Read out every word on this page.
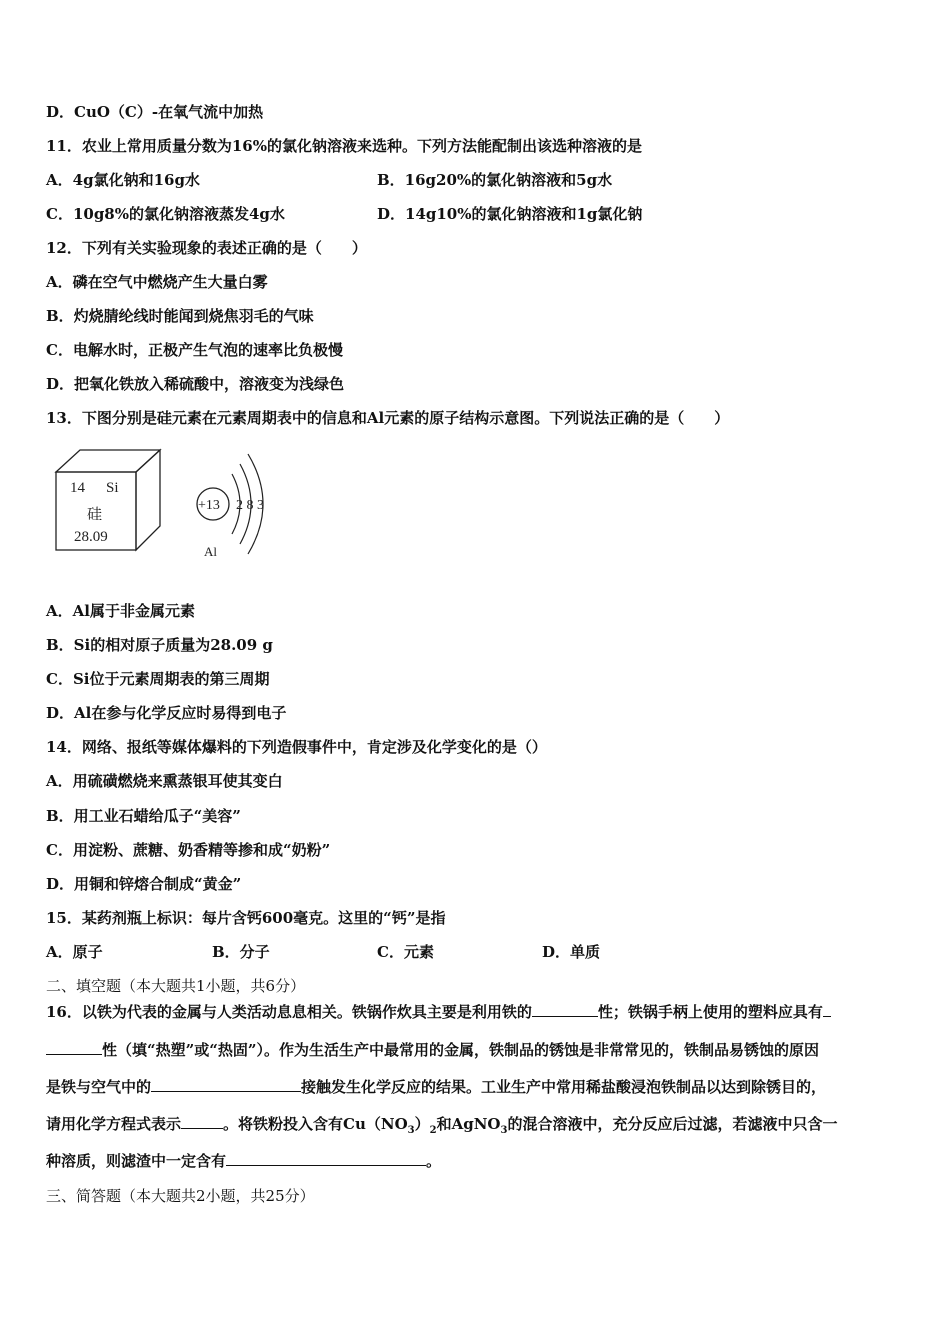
D．CuO（C）-在氧气流中加热
11．农业上常用质量分数为16%的氯化钠溶液来选种。下列方法能配制出该选种溶液的是
A．4g氯化钠和16g水	B．16g20%的氯化钠溶液和5g水
C．10g8%的氯化钠溶液蒸发4g水	D．14g10%的氯化钠溶液和1g氯化钠
12．下列有关实验现象的表述正确的是（　　）
A．磷在空气中燃烧产生大量白雾
B．灼烧腈纶线时能闻到烧焦羽毛的气味
C．电解水时，正极产生气泡的速率比负极慢
D．把氧化铁放入稀硫酸中，溶液变为浅绿色
13．下图分别是硅元素在元素周期表中的信息和Al元素的原子结构示意图。下列说法正确的是（　　）
14 Si
硅
28.09
+13 2 8 3
Al
A．Al属于非金属元素
B．Si的相对原子质量为28.09 g
C．Si位于元素周期表的第三周期
D．Al在参与化学反应时易得到电子
14．网络、报纸等媒体爆料的下列造假事件中，肯定涉及化学变化的是（）
A．用硫磺燃烧来熏蒸银耳使其变白
B．用工业石蜡给瓜子“美容”
C．用淀粉、蔗糖、奶香精等掺和成“奶粉”
D．用铜和锌熔合制成“黄金”
15．某药剂瓶上标识：每片含钙600毫克。这里的“钙”是指
A．原子	B．分子	C．元素	D．单质
二、填空题（本大题共1小题，共6分）
16．以铁为代表的金属与人类活动息息相关。铁锅作炊具主要是利用铁的	性；铁锅手柄上使用的塑料应具有
性（填“热塑”或“热固”）。作为生活生产中最常用的金属，铁制品的锈蚀是非常常见的，铁制品易锈蚀的原因
是铁与空气中的	接触发生化学反应的结果。工业生产中常用稀盐酸浸泡铁制品以达到除锈目的，
请用化学方程式表示	。将铁粉投入含有$Cu(NO_3)_2$和AgNO$_3$的混合溶液中，充分反应后过滤，若滤液中只含一
种溶质，则滤渣中一定含有	。
三、简答题（本大题共2小题，共25分）
